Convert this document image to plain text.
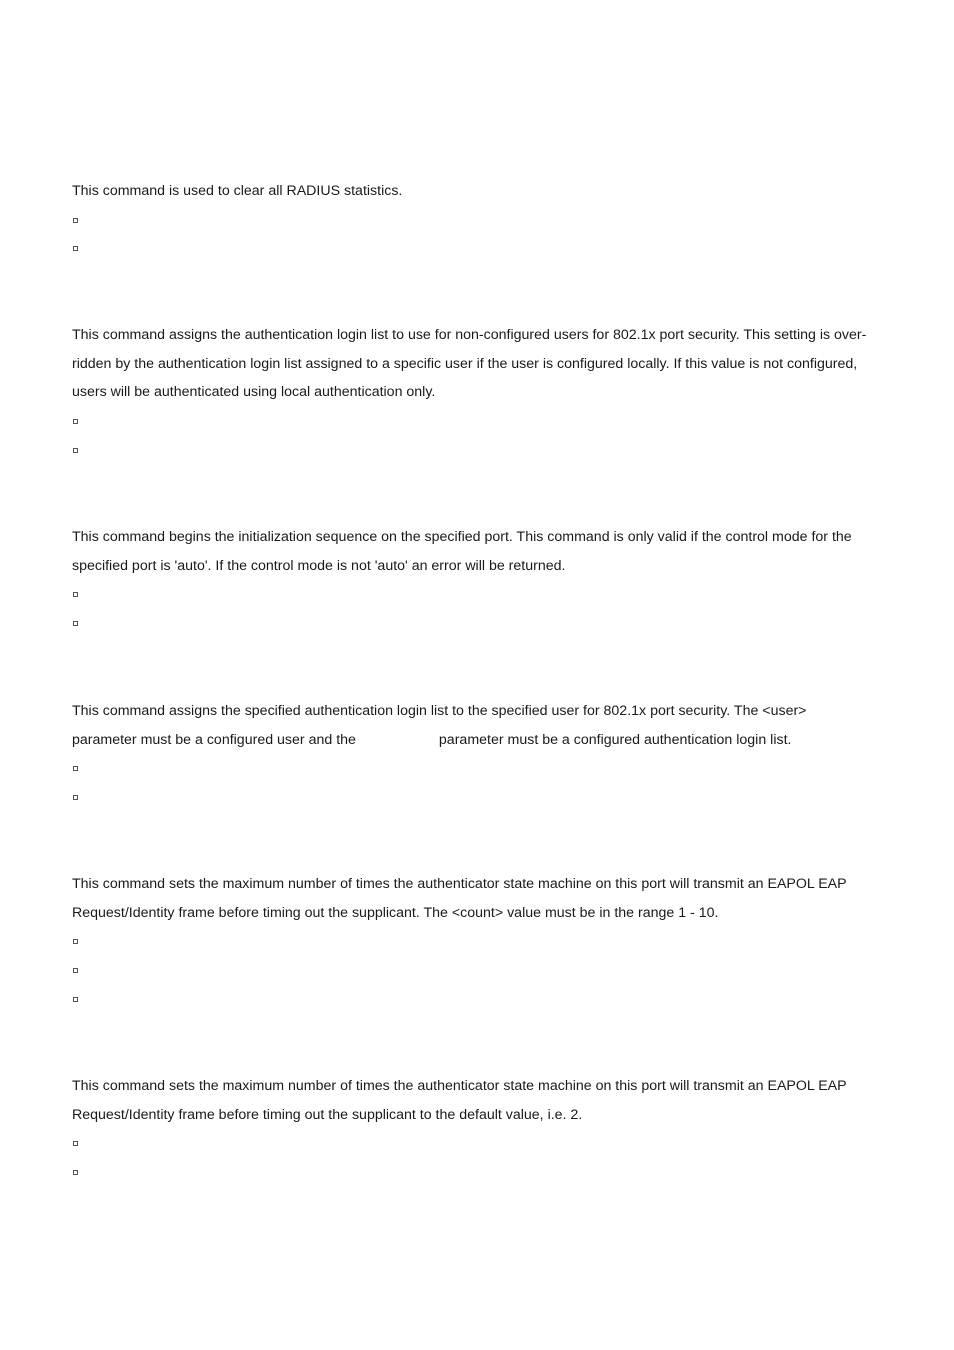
This command is used to clear all RADIUS statistics.

This command assigns the authentication login list to use for non-configured users for 802.1x port security. This setting is over-ridden by the authentication login list assigned to a specific user if the user is configured locally. If this value is not configured, users will be authenticated using local authentication only.

This command begins the initialization sequence on the specified port. This command is only valid if the control mode for the specified port is 'auto'. If the control mode is not 'auto' an error will be returned.

This command assigns the specified authentication login list to the specified user for 802.1x port security. The <user> parameter must be a configured user and the	parameter must be a configured authentication login list.

This command sets the maximum number of times the authenticator state machine on this port will transmit an EAPOL EAP Request/Identity frame before timing out the supplicant. The <count> value must be in the range 1 - 10.

This command sets the maximum number of times the authenticator state machine on this port will transmit an EAPOL EAP Request/Identity frame before timing out the supplicant to the default value, i.e. 2.
